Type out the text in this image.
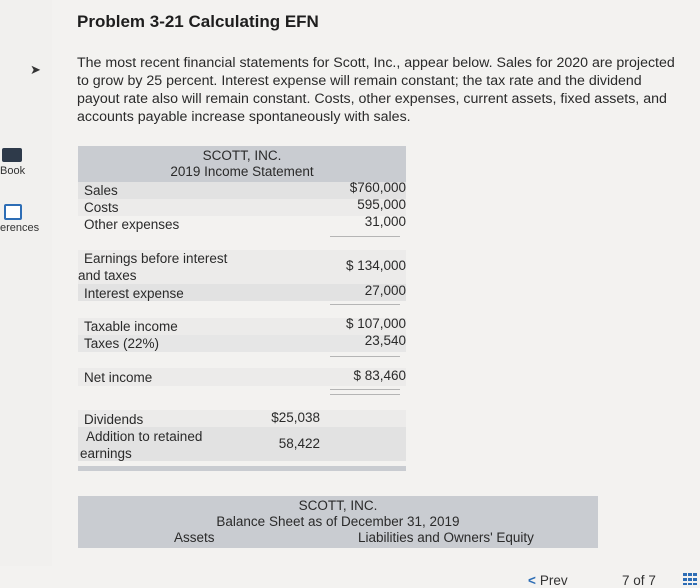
➤
Book
erences
Problem 3-21 Calculating EFN
The most recent financial statements for Scott, Inc., appear below. Sales for 2020 are projected to grow by 25 percent. Interest expense will remain constant; the tax rate and the dividend payout rate also will remain constant. Costs, other expenses, current assets, fixed assets, and accounts payable increase spontaneously with sales.
SCOTT, INC.
2019 Income Statement
Sales	$760,000
Costs	595,000
Other expenses	31,000
Earnings before interest
and taxes
$ 134,000
Interest expense	27,000
Taxable income	$ 107,000
Taxes (22%)	23,540
Net income	$ 83,460
Dividends	$25,038
Addition to retained
earnings
58,422
SCOTT, INC.
Balance Sheet as of December 31, 2019
Assets	Liabilities and Owners' Equity
< Prev	7 of 7
